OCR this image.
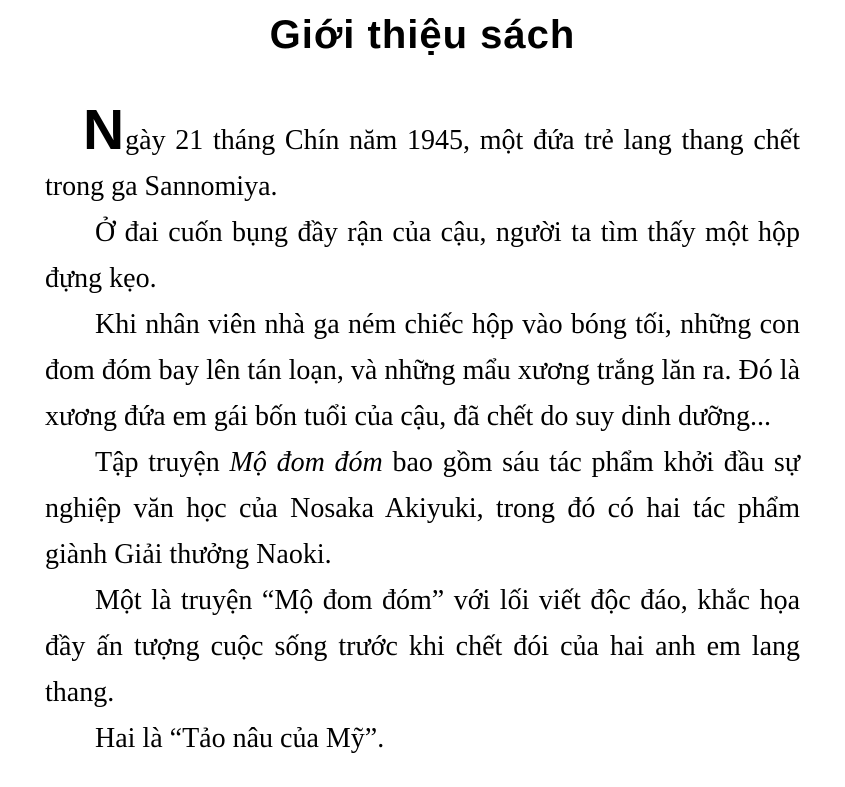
Giới thiệu sách

Ngày 21 tháng Chín năm 1945, một đứa trẻ lang thang chết trong ga Sannomiya.

Ở đai cuốn bụng đầy rận của cậu, người ta tìm thấy một hộp đựng kẹo.

Khi nhân viên nhà ga ném chiếc hộp vào bóng tối, những con đom đóm bay lên tán loạn, và những mẩu xương trắng lăn ra. Đó là xương đứa em gái bốn tuổi của cậu, đã chết do suy dinh dưỡng...

Tập truyện Mộ đom đóm bao gồm sáu tác phẩm khởi đầu sự nghiệp văn học của Nosaka Akiyuki, trong đó có hai tác phẩm giành Giải thưởng Naoki.

Một là truyện “Mộ đom đóm” với lối viết độc đáo, khắc họa đầy ấn tượng cuộc sống trước khi chết đói của hai anh em lang thang.

Hai là “Tảo nâu của Mỹ”.
